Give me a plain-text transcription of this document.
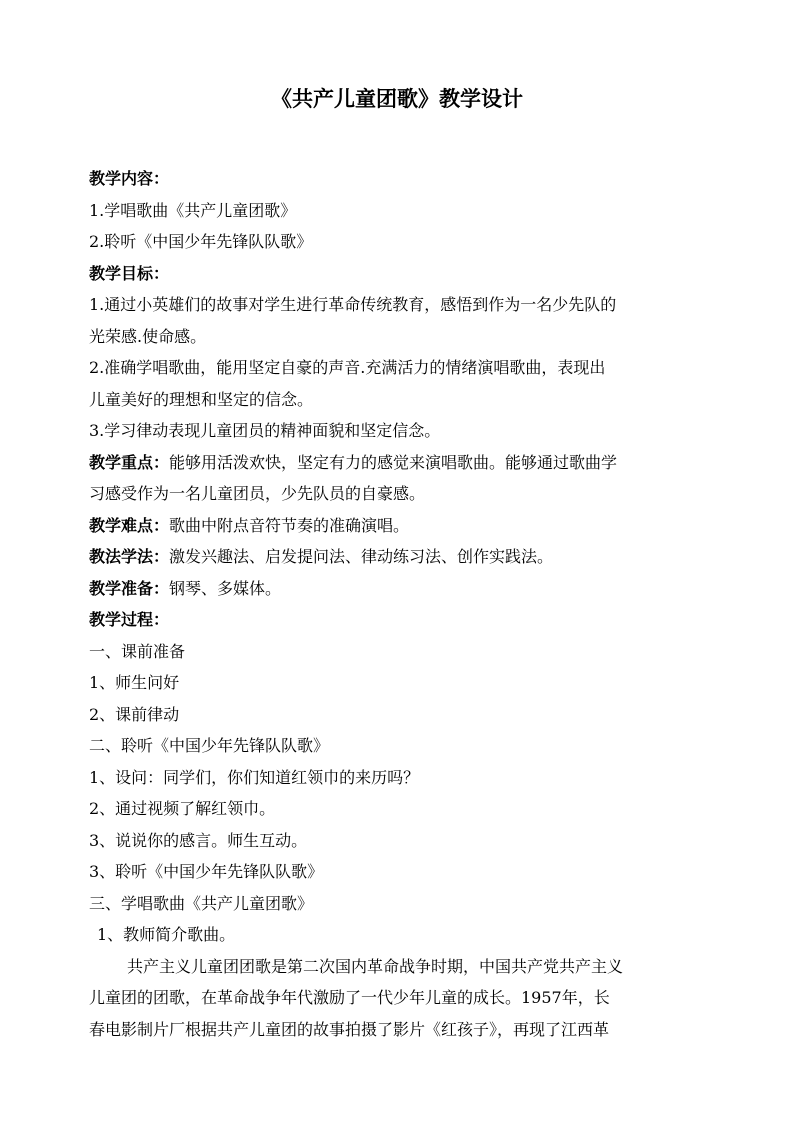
《共产儿童团歌》教学设计
教学内容：
1.学唱歌曲《共产儿童团歌》
2.聆听《中国少年先锋队队歌》
教学目标：
1.通过小英雄们的故事对学生进行革命传统教育，感悟到作为一名少先队的
光荣感.使命感。
2.准确学唱歌曲，能用坚定自豪的声音.充满活力的情绪演唱歌曲，表现出
儿童美好的理想和坚定的信念。
3.学习律动表现儿童团员的精神面貌和坚定信念。
教学重点：能够用活泼欢快，坚定有力的感觉来演唱歌曲。能够通过歌曲学
习感受作为一名儿童团员，少先队员的自豪感。
教学难点：歌曲中附点音符节奏的准确演唱。
教法学法：激发兴趣法、启发提问法、律动练习法、创作实践法。
教学准备：钢琴、多媒体。
教学过程：
一、课前准备
1、师生问好
2、课前律动
二、聆听《中国少年先锋队队歌》
1、设问：同学们，你们知道红领巾的来历吗？
2、通过视频了解红领巾。
3、说说你的感言。师生互动。
3、聆听《中国少年先锋队队歌》
三、学唱歌曲《共产儿童团歌》
1、教师简介歌曲。
共产主义儿童团团歌是第二次国内革命战争时期，中国共产党共产主义
儿童团的团歌，在革命战争年代激励了一代少年儿童的成长。1957年，长
春电影制片厂根据共产儿童团的故事拍摄了影片《红孩子》，再现了江西革
